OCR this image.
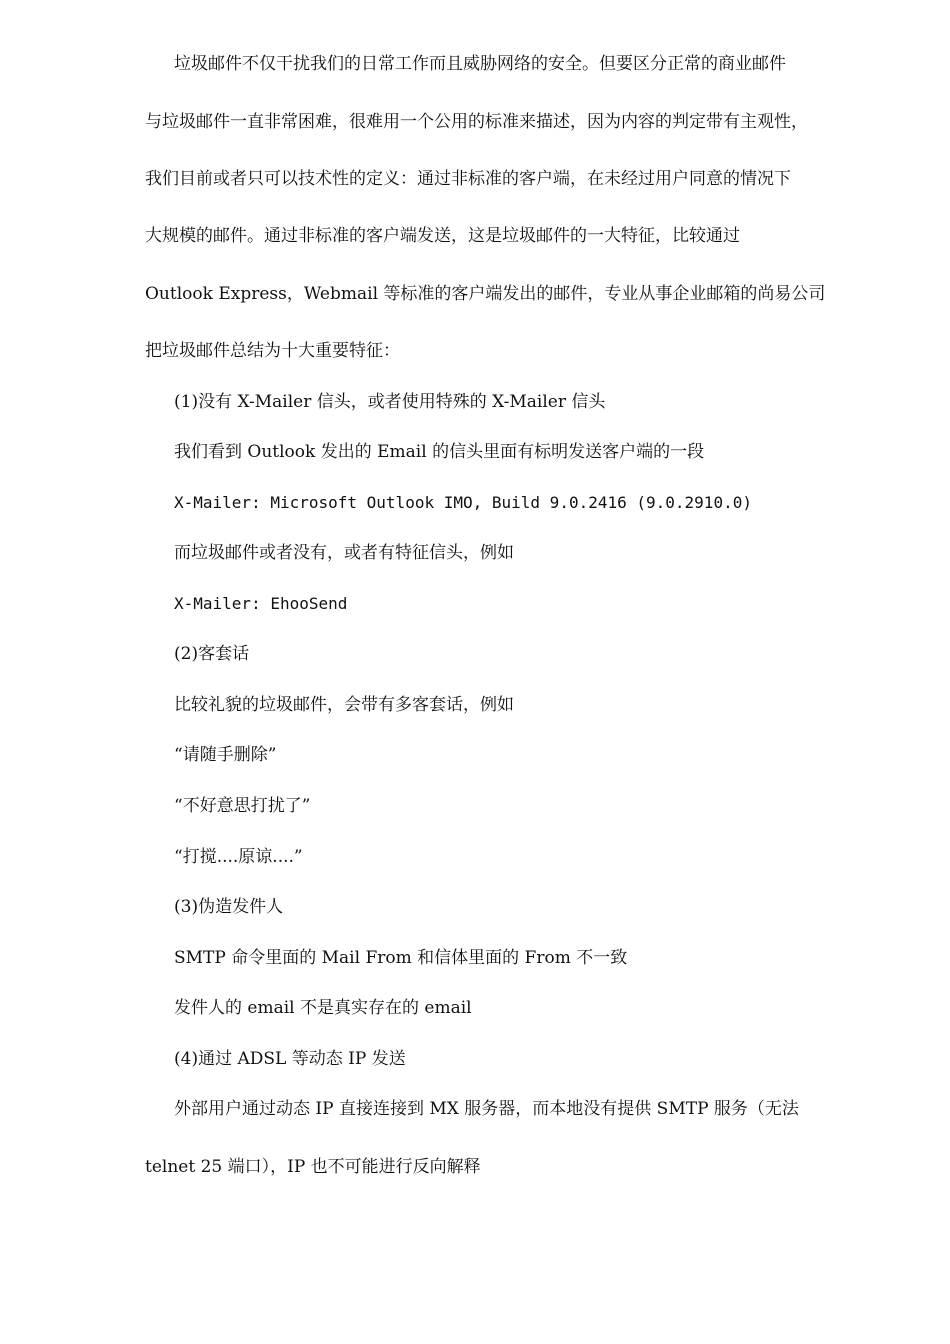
垃圾邮件不仅干扰我们的日常工作而且威胁网络的安全。但要区分正常的商业邮件
与垃圾邮件一直非常困难，很难用一个公用的标准来描述，因为内容的判定带有主观性，
我们目前或者只可以技术性的定义：通过非标准的客户端，在未经过用户同意的情况下
大规模的邮件。通过非标准的客户端发送，这是垃圾邮件的一大特征，比较通过
Outlook Express，Webmail 等标准的客户端发出的邮件，专业从事企业邮箱的尚易公司
把垃圾邮件总结为十大重要特征：
(1)没有 X-Mailer 信头，或者使用特殊的 X-Mailer 信头
我们看到 Outlook 发出的 Email 的信头里面有标明发送客户端的一段
X-Mailer: Microsoft Outlook IMO, Build 9.0.2416 (9.0.2910.0)
而垃圾邮件或者没有，或者有特征信头，例如
X-Mailer: EhooSend
(2)客套话
比较礼貌的垃圾邮件，会带有多客套话，例如
“请随手删除”
“不好意思打扰了”
“打搅....原谅....”
(3)伪造发件人
SMTP 命令里面的 Mail From 和信体里面的 From 不一致
发件人的 email 不是真实存在的 email
(4)通过 ADSL 等动态 IP 发送
外部用户通过动态 IP 直接连接到 MX 服务器，而本地没有提供 SMTP 服务（无法
telnet 25 端口），IP 也不可能进行反向解释
